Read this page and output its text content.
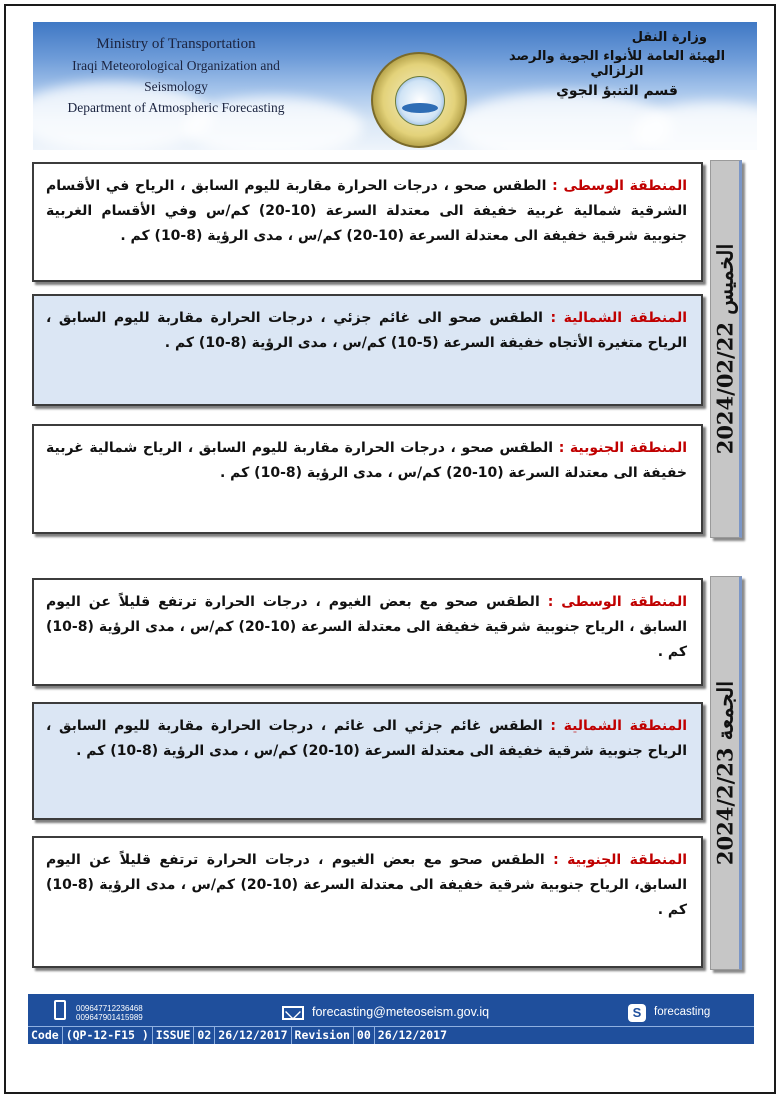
Ministry of Transportation
Iraqi Meteorological Organization and Seismology
Department of Atmospheric Forecasting
وزارة النقل
الهيئة العامة للأنواء الجوية والرصد الزلزالي
قسم التنبؤ الجوي
المنطقة الوسطى : الطقس صحو ، درجات الحرارة مقاربة لليوم السابق ، الرياح في الأقسام الشرقية شمالية غربية خفيفة الى معتدلة السرعة (10-20) كم/س وفي الأقسام الغربية جنوبية شرقية خفيفة الى معتدلة السرعة (10-20) كم/س ، مدى الرؤية (8-10) كم .
المنطقة الشمالية : الطقس صحو الى غائم جزئي ، درجات الحرارة مقاربة لليوم السابق ، الرياح متغيرة الأتجاه خفيفة السرعة (5-10) كم/س ، مدى الرؤية (8-10) كم .
المنطقة الجنوبية : الطقس صحو ، درجات الحرارة مقاربة لليوم السابق ، الرياح شمالية غربية خفيفة الى معتدلة السرعة (10-20) كم/س ، مدى الرؤية (8-10) كم .
الخميس 2024/02/22
المنطقة الوسطى : الطقس صحو مع بعض الغيوم ، درجات الحرارة ترتفع قليلاً عن اليوم السابق ، الرياح جنوبية شرقية خفيفة الى معتدلة السرعة (10-20) كم/س ، مدى الرؤية (8-10) كم .
المنطقة الشمالية : الطقس غائم جزئي الى غائم ، درجات الحرارة مقاربة لليوم السابق ، الرياح جنوبية شرقية خفيفة الى معتدلة السرعة (10-20) كم/س ، مدى الرؤية (8-10) كم .
المنطقة الجنوبية : الطقس صحو مع بعض الغيوم ، درجات الحرارة ترتفع قليلاً عن اليوم السابق، الرياح جنوبية شرقية خفيفة الى معتدلة السرعة (10-20) كم/س ، مدى الرؤية (8-10) كم .
الجمعة 2024/2/23
009647712236468
009647901415989	forecasting@meteoseism.gov.iq	S	forecasting
Code (QP-12-F15 ) ISSUE 02 26/12/2017 Revision 00 26/12/2017
